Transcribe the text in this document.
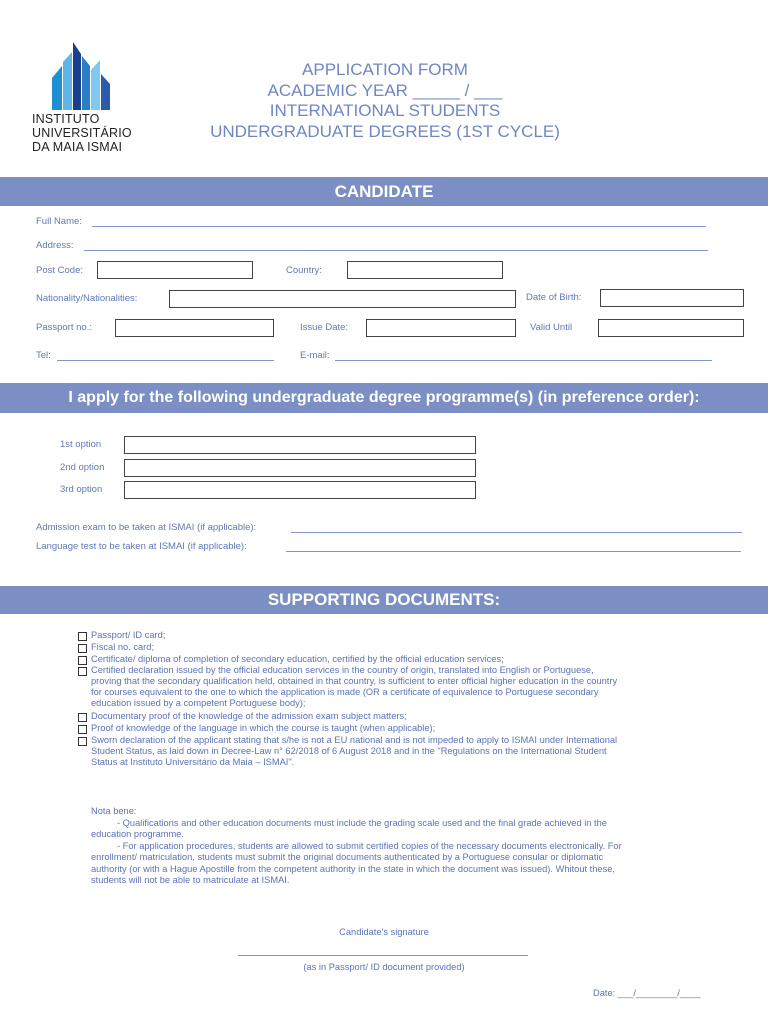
INSTITUTO
UNIVERSITÁRIO
DA MAIA ISMAI
APPLICATION FORM
ACADEMIC YEAR _____ / ___
INTERNATIONAL STUDENTS
UNDERGRADUATE DEGREES (1ST CYCLE)
CANDIDATE
Full Name:
Address:
Post Code:	Country:
Nationality/Nationalities:	Date of Birth:
Passport no.:	Issue Date:	Valid Until
Tel:	E-mail:
I apply for the following undergraduate degree programme(s) (in preference order):
1st option
2nd option
3rd option
Admission exam to be taken at ISMAI (if applicable):
Language test to be taken at ISMAI (if applicable):
SUPPORTING DOCUMENTS:
Passport/ ID card;
Fiscal no. card;
Certificate/ diploma of completion of secondary education, certified by the official education services;
Certified declaration issued by the official education services in the country of origin, translated into English or Portuguese,
proving that the secondary qualification held, obtained in that country, is sufficient to enter official higher education in the country
for courses equivalent to the one to which the application is made (OR a certificate of equivalence to Portuguese secondary
education issued by a competent Portuguese body);
Documentary proof of the knowledge of the admission exam subject matters;
Proof of knowledge of the language in which the course is taught (when applicable);
Sworn declaration of the applicant stating that s/he is not a EU national and is not impeded to apply to ISMAI under International
Student Status, as laid down in Decree-Law n° 62/2018 of 6 August 2018 and in the "Regulations on the International Student
Status at Instituto Universitário da Maia – ISMAI".
Nota bene:
- Qualifications and other education documents must include the grading scale used and the final grade achieved in the
education programme.
- For application procedures, students are allowed to submit certified copies of the necessary documents electronically. For
enrollment/ matriculation, students must submit the original documents authenticated by a Portuguese consular or diplomatic
authority (or with a Hague Apostille from the competent authority in the state in which the document was issued). Whitout these,
students will not be able to matriculate at ISMAI.
Candidate's signature
(as in Passport/ ID document provided)
Date: ___/________/____
